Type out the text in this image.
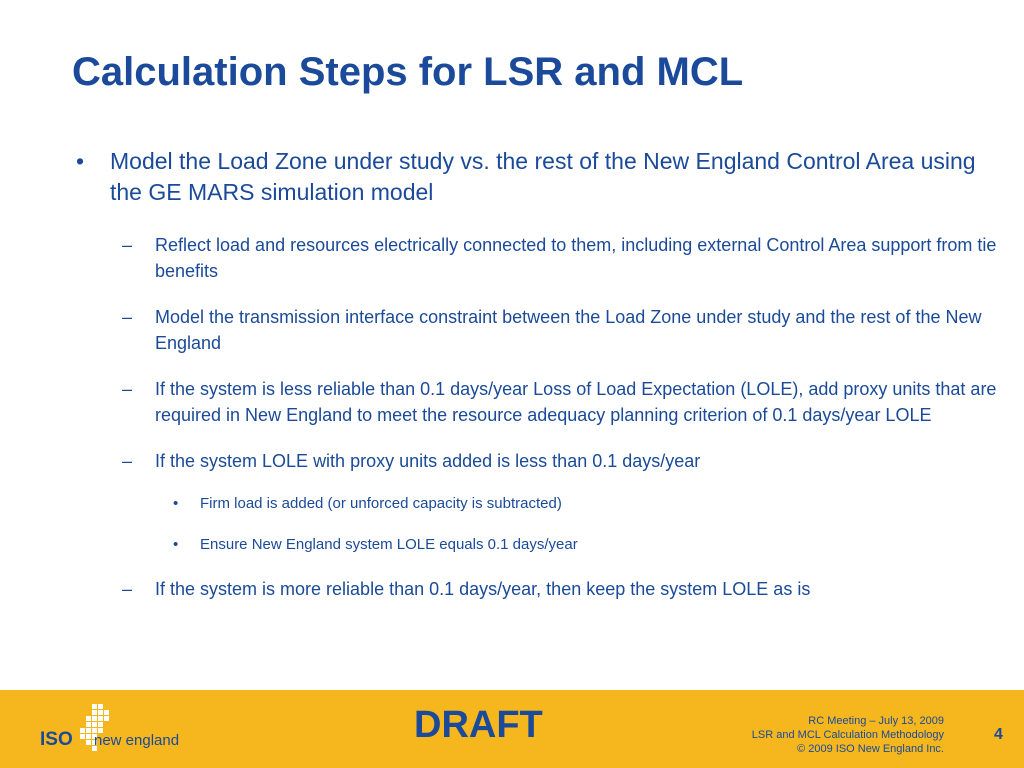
Calculation Steps for LSR and MCL
• Model the Load Zone under study vs. the rest of the New England Control Area using the GE MARS simulation model
– Reflect load and resources electrically connected to them, including external Control Area support from tie benefits
– Model the transmission interface constraint between the Load Zone under study and the rest of the New England
– If the system is less reliable than 0.1 days/year Loss of Load Expectation (LOLE), add proxy units that are required in New England to meet the resource adequacy planning criterion of 0.1 days/year LOLE
– If the system LOLE with proxy units added is less than 0.1 days/year
• Firm load is added (or unforced capacity is subtracted)
• Ensure New England system LOLE equals 0.1 days/year
– If the system is more reliable than 0.1 days/year, then keep the system LOLE as is
ISO new england	DRAFT	RC Meeting – July 13, 2009
LSR and MCL Calculation Methodology
© 2009 ISO New England Inc.
4
